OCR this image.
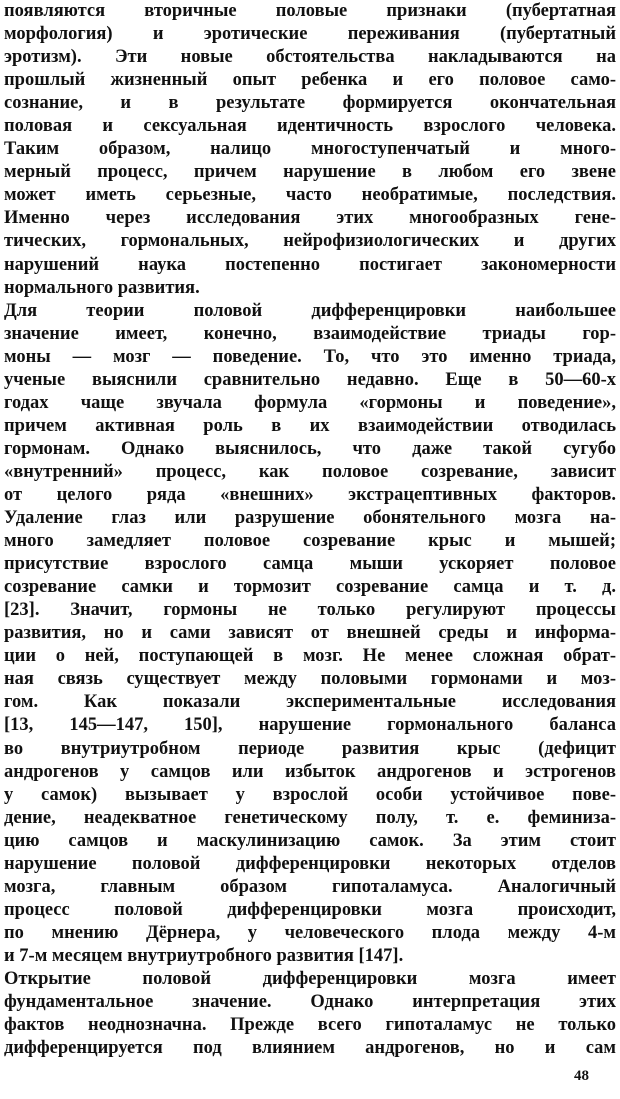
появляются вторичные половые признаки (пубертатная
морфология) и эротические переживания (пубертатный
эротизм). Эти новые обстоятельства накладываются на
прошлый жизненный опыт ребенка и его половое само-
сознание, и в результате формируется окончательная
половая и сексуальная идентичность взрослого человека.
Таким образом, налицо многоступенчатый и много-
мерный процесс, причем нарушение в любом его звене
может иметь серьезные, часто необратимые, последствия.
Именно через исследования этих многообразных гене-
тических, гормональных, нейрофизиологических и других
нарушений наука постепенно постигает закономерности
нормального развития.
Для теории половой дифференцировки наибольшее
значение имеет, конечно, взаимодействие триады гор-
моны — мозг — поведение. То, что это именно триада,
ученые выяснили сравнительно недавно. Еще в 50—60-х
годах чаще звучала формула «гормоны и поведение»,
причем активная роль в их взаимодействии отводилась
гормонам. Однако выяснилось, что даже такой сугубо
«внутренний» процесс, как половое созревание, зависит
от целого ряда «внешних» экстрацептивных факторов.
Удаление глаз или разрушение обонятельного мозга на-
много замедляет половое созревание крыс и мышей;
присутствие взрослого самца мыши ускоряет половое
созревание самки и тормозит созревание самца и т. д.
[23]. Значит, гормоны не только регулируют процессы
развития, но и сами зависят от внешней среды и информа-
ции о ней, поступающей в мозг. Не менее сложная обрат-
ная связь существует между половыми гормонами и моз-
гом. Как показали экспериментальные исследования
[13, 145—147, 150], нарушение гормонального баланса
во внутриутробном периоде развития крыс (дефицит
андрогенов у самцов или избыток андрогенов и эстрогенов
у самок) вызывает у взрослой особи устойчивое пове-
дение, неадекватное генетическому полу, т. е. феминиза-
цию самцов и маскулинизацию самок. За этим стоит
нарушение половой дифференцировки некоторых отделов
мозга, главным образом гипоталамуса. Аналогичный
процесс половой дифференцировки мозга происходит,
по мнению Дёрнера, у человеческого плода между 4-м
и 7-м месяцем внутриутробного развития [147].
Открытие половой дифференцировки мозга имеет
фундаментальное значение. Однако интерпретация этих
фактов неоднозначна. Прежде всего гипоталамус не только
дифференцируется под влиянием андрогенов, но и сам
48
